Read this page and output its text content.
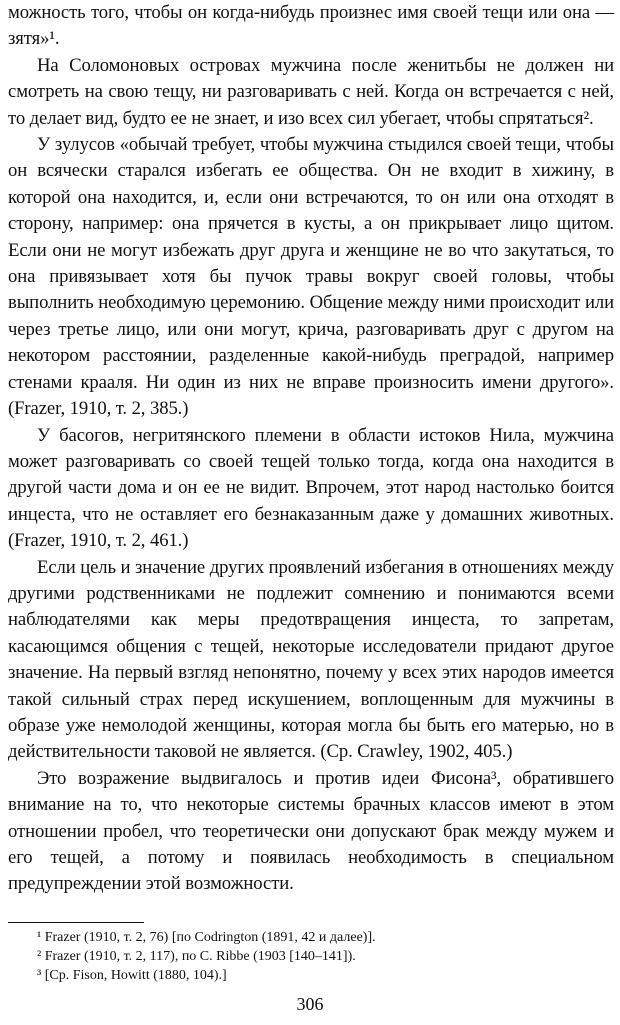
можность того, чтобы он когда-нибудь произнес имя своей тещи или она — зятя»¹.

На Соломоновых островах мужчина после женитьбы не должен ни смотреть на свою тещу, ни разговаривать с ней. Когда он встречается с ней, то делает вид, будто ее не знает, и изо всех сил убегает, чтобы спрятаться².

У зулусов «обычай требует, чтобы мужчина стыдился своей тещи, чтобы он всячески старался избегать ее общества. Он не входит в хижину, в которой она находится, и, если они встречаются, то он или она отходят в сторону, например: она прячется в кусты, а он прикрывает лицо щитом. Если они не могут избежать друг друга и женщине не во что закутаться, то она привязывает хотя бы пучок травы вокруг своей головы, чтобы выполнить необходимую церемонию. Общение между ними происходит или через третье лицо, или они могут, крича, разговаривать друг с другом на некотором расстоянии, разделенные какой-нибудь преградой, например стенами крааля. Ни один из них не вправе произносить имени другого». (Frazer, 1910, т. 2, 385.)

У басогов, негритянского племени в области истоков Нила, мужчина может разговаривать со своей тещей только тогда, когда она находится в другой части дома и он ее не видит. Впрочем, этот народ настолько боится инцеста, что не оставляет его безнаказанным даже у домашних животных. (Frazer, 1910, т. 2, 461.)

Если цель и значение других проявлений избегания в отношениях между другими родственниками не подлежит сомнению и понимаются всеми наблюдателями как меры предотвращения инцеста, то запретам, касающимся общения с тещей, некоторые исследователи придают другое значение. На первый взгляд непонятно, почему у всех этих народов имеется такой сильный страх перед искушением, воплощенным для мужчины в образе уже немолодой женщины, которая могла бы быть его матерью, но в действительности таковой не является. (Ср. Crawley, 1902, 405.)

Это возражение выдвигалось и против идеи Фисона³, обратившего внимание на то, что некоторые системы брачных классов имеют в этом отношении пробел, что теоретически они допускают брак между мужем и его тещей, а потому и появилась необходимость в специальном предупреждении этой возможности.

¹ Frazer (1910, т. 2, 76) [по Codrington (1891, 42 и далее)].
² Frazer (1910, т. 2, 117), по C. Ribbe (1903 [140–141]).
³ [Ср. Fison, Howitt (1880, 104).]
306
